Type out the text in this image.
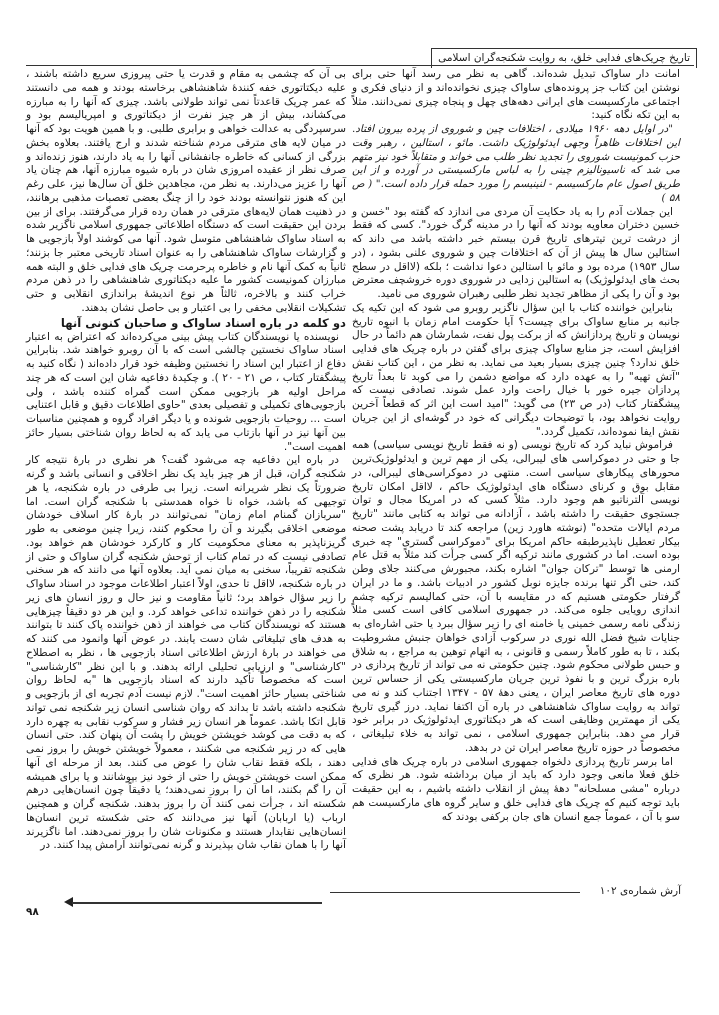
تاریخ چریک‌های فدایی خلق، به روایت شکنجه‌گران اسلامی

امانت دار ساواک تبدیل شده‌اند. گاهی به نظر می رسد آنها حتی برای نوشتن این کتاب جز پرونده‌های ساواک چیزی نخوانده‌اند و از دنیای فکری و اجتماعی مارکسیست های ایرانی دهه‌های چهل و پنجاه چیزی نمی‌دانند. مثلاً به این تکه نگاه کنید:

"در اوایل دهه ۱۹۶۰ میلادی ، اختلافات چین و شوروی از پرده بیرون افتاد. این اختلافات ظاهراً وجهی ایدئولوژیک داشت. مائو ، استالین ، رهبر وقت حزب کمونیست شوروی را تجدید نظر طلب می خواند و متقابلاً خود نیز متهم می شد که ناسیونالیزم چینی را به لباس مارکسیستی در آورده و از این طریق اصول عام مارکسیسم - لنینیسم را مورد حمله قرار داده است." ( ص ۵۸ )

این جملات آدم را به یاد حکایت آن مردی می اندازد که گفته بود "خسن و خسین دختران معاویه بودند که آنها را در مدینه گرگ خورد". کسی که فقط از درشت ترین تیترهای تاریخ قرن بیستم خبر داشته باشد می داند که استالین سال ها پیش از آن که اختلافات چین و شوروی علنی بشود ، (در سال ۱۹۵۳) مرده بود و مائو با استالین دعوا نداشت ؛ بلکه (لااقل در سطح بحث های ایدئولوژیک) به استالین زدایی در شوروی دوره خروشچف معترض بود و آن را یکی از مظاهر تجدید نظر طلبی رهبران شوروی می نامید.

بنابراین خواننده کتاب با این سؤال ناگزیر روبرو می شود که این تکیه یک جانبه بر منابع ساواک برای چیست؟ آیا حکومت امام زمان با انبوه تاریخ نویسان و تاریخ پردازانش که از برکت پول نفت، شمارشان هم دائماً در حال افزایش است، جز منابع ساواک چیزی برای گفتن در باره چریک های فدایی خلق ندارد؟ چنین چیزی بسیار بعید می نماید. به نظر من ، این کتاب نقش "آتش تهیه" را به عهده دارد که مواضع دشمن را می کوبد تا بعداً تاریخ پردازان جیره خور با خیال راحت وارد عمل شوند. تصادفی نیست که پیشگفتار کتاب (در ص ۲۳) می گوید: "امید است این اثر که قطعاً آخرین روایت نخواهد بود، با توضیحات دیگرانی که خود در گوشه‌ای از این جریان نقش ایفا نموده‌اند، تکمیل گردد."

فراموش نباید کرد که تاریخ نویسی (و نه فقط تاریخ نویسی سیاسی) همه جا و حتی در دموکراسی های لیبرالی، یکی از مهم ترین و ایدئولوژیک‌ترین محورهای پیکارهای سیاسی است. منتهی در دموکراسی‌های لیبرالی، در مقابل بوق و کرنای دستگاه های ایدئولوژیک حاکم ، لااقل امکان تاریخ نویسی آلترناتیو هم وجود دارد. مثلاً کسی که در امریکا مجال و توان جستجوی حقیقت را داشته باشد ، آزادانه می تواند به کتابی مانند "تاریخ مردم ایالات متحده" (نوشته هاورد زین) مراجعه کند تا دریابد پشت صحنه بیکار تعطیل ناپذیرطبقه حاکم امریکا برای "دموکراسی گستری" چه خبری بوده است. اما در کشوری مانند ترکیه اگر کسی جرأت کند مثلاً به قتل عام ارمنی ها توسط "ترکان جوان" اشاره بکند، مجبورش می‌کنند جلای وطن کند، حتی اگر تنها برنده جایزه نوبل کشور در ادبیات باشد. و ما در ایران گرفتار حکومتی هستیم که در مقایسه با آن، حتی کمالیسم ترکیه چشم اندازی رویایی جلوه می‌کند. در جمهوری اسلامی کافی است کسی مثلاً زندگی نامه رسمی خمینی یا خامنه ای را زیر سؤال ببرد یا حتی اشاره‌ای به جنایات شیخ فضل الله نوری در سرکوب آزادی خواهان جنبش مشروطیت بکند ، تا به طور کاملاً رسمی و قانونی ، به اتهام توهین به مراجع ، به شلاق و حبس طولانی محکوم شود. چنین حکومتی نه می تواند از تاریخ پردازی در باره بزرگ ترین و با نفوذ ترین جریان مارکسیستی یکی از حساس ترین دوره های تاریخ معاصر ایران ، یعنی دهۀ ۵۷ - ۱۳۴۷ اجتناب کند و نه می تواند به روایت ساواک شاهنشاهی در باره آن اکتفا نماید. درز گیری تاریخ یکی از مهمترین وظایفی است که هر دیکتاتوری ایدئولوژیک در برابر خود قرار می دهد. بنابراین جمهوری اسلامی ، نمی تواند به خلاء تبلیغاتی ، مخصوصاً در حوزه تاریخ معاصر ایران تن در بدهد.

اما برسر تاریخ پردازی دلخواه جمهوری اسلامی در باره چریک های فدایی خلق فعلا مانعی وجود دارد که باید از میان برداشته شود. هر نظری که درباره "مشی مسلحانه" دهۀ پیش از انقلاب داشته باشیم ، به این حقیقت باید توجه کنیم که چریک های فدایی خلق و سایر گروه های مارکسیست هم سو با آن ، عموماً جمع انسان های جان برکفی بودند که

بی آن که چشمی به مقام و قدرت یا حتی پیروزی سریع داشته باشند ، علیه دیکتاتوری خفه کنندۀ شاهنشاهی برخاسته بودند و همه می دانستند که عمر چریک قاعدتاً نمی تواند طولانی باشد. چیزی که آنها را به مبارزه می‌کشاند، بیش از هر چیز نفرت از دیکتاتوری و امپریالیسم بود و سرسپردگی به عدالت خواهی و برابری طلبی. و با همین هویت بود که آنها در میان لایه های مترقی مردم شناخته شدند و ارج یافتند. بعلاوه بخش بزرگی از کسانی که خاطره جانفشانی آنها را به یاد دارند، هنوز زنده‌اند و صرف نظر از عقیده امروزی شان در باره شیوه مبارزه آنها، هم چنان یاد آنها را عزیز می‌دارند. به نظر من، مجاهدین خلق آن سال‌ها نیز، علی رغم این که هنوز نتوانسته بودند خود را از چنگ بعضی تعصبات مذهبی برهانند، در ذهنیت همان لایه‌های مترقی در همان رده قرار می‌گرفتند. برای از بین بردن این حقیقت است که دستگاه اطلاعاتی جمهوری اسلامی ناگزیر شده به اسناد ساواک شاهنشاهی متوسل شود. آنها می کوشند اولاً بازجویی ها و گزارشات ساواک شاهنشاهی را به عنوان اسناد تاریخی معتبر جا بزنند؛ ثانیاً به کمک آنها نام و خاطره پرحرمت چریک های فدایی خلق و البته همه مبارزان کمونیست کشور ما علیه دیکتاتوری شاهنشاهی را در ذهن مردم خراب کنند و بالاخره، ثالثاً هر نوع اندیشۀ براندازی انقلابی و حتی تشکیلات انقلابی مخفی را بی اعتبار و بی حاصل نشان بدهند.

دو کلمه در باره اسناد ساواک و صاحبان کنونی آنها

نویسنده یا نویسندگان کتاب پیش بینی می‌کرده‌اند که اعتراض به اعتبار اسناد ساواک نخستین چالشی است که با آن روبرو خواهند شد. بنابراین دفاع از اعتبار این اسناد را نخستین وظیفه خود قرار داده‌اند ( نگاه کنید به پیشگفتار کتاب ، ص ۲۱ - ۲۰ ). و چکیدۀ دفاعیه شان این است که هر چند مراحل اولیه هر بازجویی ممکن است گمراه کننده باشد ، ولی بازجویی‌های تکمیلی و تفصیلی بعدی "حاوی اطلاعات دقیق و قابل اعتنایی است ... روحیات بازجویی شونده و یا دیگر افراد گروه و همچنین مناسبات بین آنها نیز در آنها بازتاب می یابد که به لحاظ روان شناختی بسیار حائز اهمیت است".

در باره این دفاعیه چه می‌شود گفت؟ هر نظری در بارۀ نتیجه کار شکنجه گران، قبل از هر چیز باید یک نظر اخلاقی و انسانی باشد و گرنه ضرورتاً یک نظر شریرانه است. زیرا بی طرفی در باره شکنجه، یا هر توجیهی که باشد، خواه نا خواه همدستی با شکنجه گران است. اما "سربازان گمنام امام زمان" نمی‌توانند در بارۀ کار اسلاف خودشان موضعی اخلاقی بگیرند و آن را محکوم کنند، زیرا چنین موضعی به طور گریزناپذیر به معنای محکومیت کار و کارکرد خودشان هم خواهد بود. تصادفی نیست که در تمام کتاب از توحش شکنجه گران ساواک و حتی از شکنجه تقریباً، سخنی به میان نمی آید. بعلاوه آنها می دانند که هر سخنی در باره شکنجه، لااقل تا حدی، اولاً اعتبار اطلاعات موجود در اسناد ساواک را زیر سؤال خواهد برد؛ ثانیاً مقاومت و نیز حال و روز انسان های زیر شکنجه را در ذهن خواننده تداعی خواهد کرد. و این هر دو دقیقاً چیزهایی هستند که نویسندگان کتاب می خواهند از ذهن خواننده پاک کنند تا بتوانند به هدف های تبلیغاتی شان دست یابند. در عوض آنها وانمود می کنند که می خواهند در بارۀ ارزش اطلاعاتی اسناد بازجویی ها ، نظر به اصطلاح "کارشناسی" و ارزیابی تحلیلی ارائه بدهند. و با این نظر "کارشناسی" است که مخصوصاً تأکید دارند که اسناد بازجویی ها "به لحاظ روان شناختی بسیار حائز اهمیت است". لازم نیست آدم تجربه ای از بازجویی و شکنجه داشته باشد تا بداند که روان شناسی انسان زیر شکنجه نمی تواند قابل اتکا باشد. عموماً هر انسان زیر فشار و سرکوب نقابی به چهره دارد که به دقت می کوشد خویشتن خویش را پشت آن پنهان کند. حتی انسان هایی که در زیر شکنجه می شکنند ، معمولاً خویشتن خویش را بروز نمی دهند ، بلکه فقط نقاب شان را عوض می کنند. بعد از مرحله ای آنها ممکن است خویشتن خویش را حتی از خود نیز بپوشانند و یا برای همیشه آن را گم بکنند، اما آن را بروز نمی‌دهند؛ یا دقیقاً چون انسان‌هایی درهم شکسته اند ، جرأت نمی کنند آن را بروز بدهند. شکنجه گران و همچنین ارباب (یا اربابان) آنها نیز می‌دانند که حتی شکسته ترین انسان‌ها انسان‌هایی نقابدار هستند و مکنونات شان را بروز نمی‌دهند. اما ناگزیرند آنها را با همان نقاب شان بپذیرند و گرنه نمی‌توانند آرامش پیدا کنند. در

آرش شماره‌ی ۱۰۲
۹۸
